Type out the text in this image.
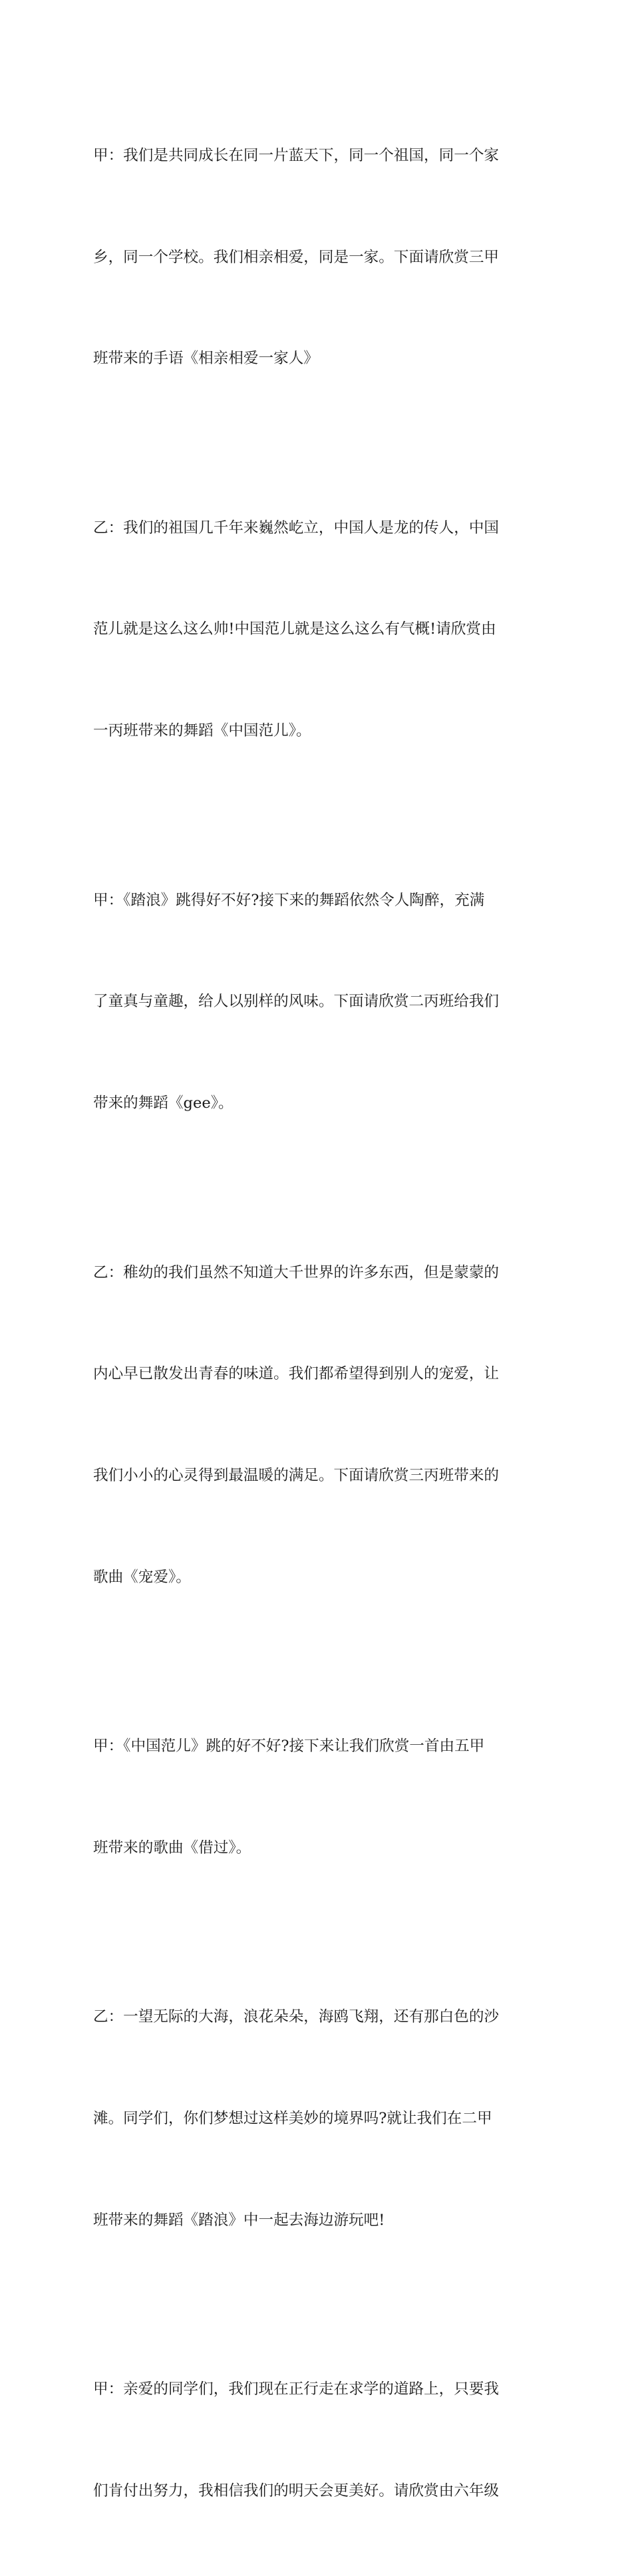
甲：我们是共同成长在同一片蓝天下，同一个祖国，同一个家

乡，同一个学校。我们相亲相爱，同是一家。下面请欣赏三甲

班带来的手语《相亲相爱一家人》

乙：我们的祖国几千年来巍然屹立，中国人是龙的传人，中国

范儿就是这么这么帅!中国范儿就是这么这么有气概!请欣赏由

一丙班带来的舞蹈《中国范儿》。

甲：《踏浪》跳得好不好?接下来的舞蹈依然令人陶醉，充满

了童真与童趣，给人以别样的风味。下面请欣赏二丙班给我们

带来的舞蹈《gee》。

乙：稚幼的我们虽然不知道大千世界的许多东西，但是蒙蒙的

内心早已散发出青春的味道。我们都希望得到别人的宠爱，让

我们小小的心灵得到最温暖的满足。下面请欣赏三丙班带来的

歌曲《宠爱》。

甲：《中国范儿》跳的好不好?接下来让我们欣赏一首由五甲

班带来的歌曲《借过》。

乙：一望无际的大海，浪花朵朵，海鸥飞翔，还有那白色的沙

滩。同学们，你们梦想过这样美妙的境界吗?就让我们在二甲

班带来的舞蹈《踏浪》中一起去海边游玩吧!

甲：亲爱的同学们，我们现在正行走在求学的道路上，只要我

们肯付出努力，我相信我们的明天会更美好。请欣赏由六年级
